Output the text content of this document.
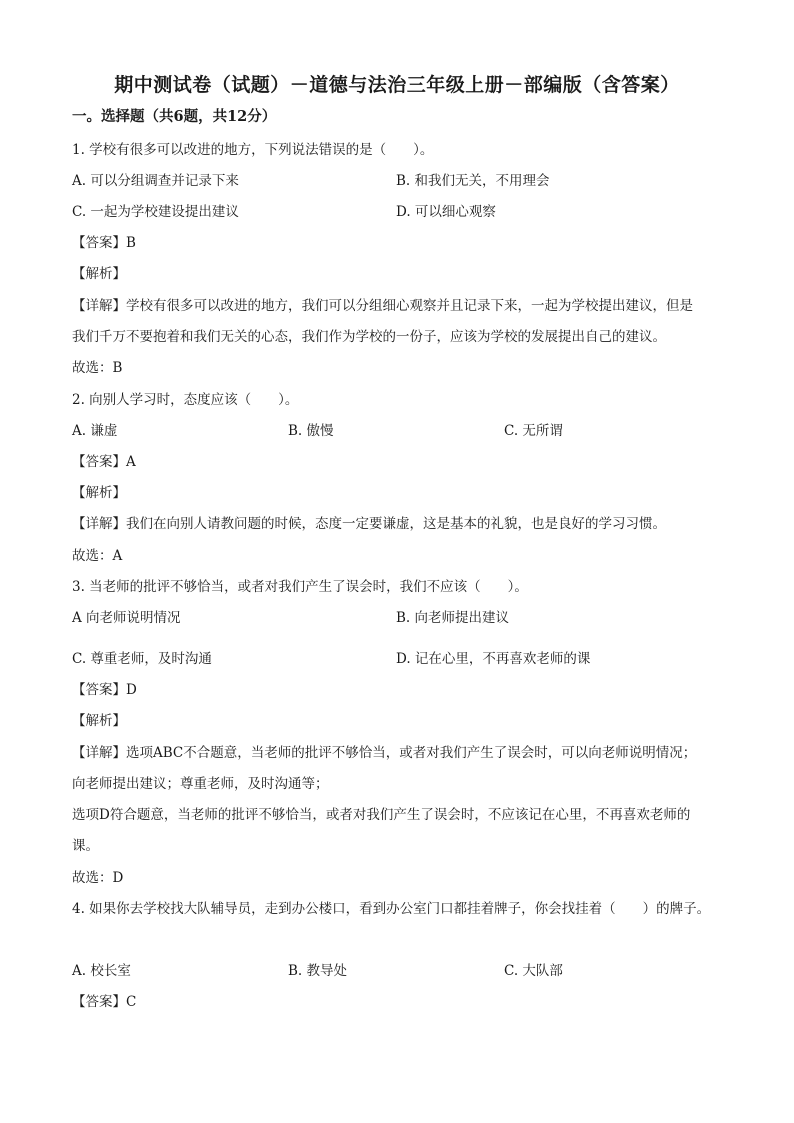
期中测试卷（试题）－道德与法治三年级上册－部编版（含答案）
一。选择题（共6题，共12分）
1. 学校有很多可以改进的地方，下列说法错误的是（　　）。
A. 可以分组调查并记录下来	B. 和我们无关，不用理会
C. 一起为学校建设提出建议	D. 可以细心观察
【答案】B
【解析】
【详解】学校有很多可以改进的地方，我们可以分组细心观察并且记录下来，一起为学校提出建议，但是
我们千万不要抱着和我们无关的心态，我们作为学校的一份子，应该为学校的发展提出自己的建议。
故选：B
2. 向别人学习时，态度应该（　　）。
A. 谦虚	B. 傲慢	C. 无所谓
【答案】A
【解析】
【详解】我们在向别人请教问题的时候，态度一定要谦虚，这是基本的礼貌，也是良好的学习习惯。
故选：A
3. 当老师的批评不够恰当，或者对我们产生了误会时，我们不应该（　　）。
A 向老师说明情况	B. 向老师提出建议
C. 尊重老师，及时沟通	D. 记在心里，不再喜欢老师的课
【答案】D
【解析】
【详解】选项ABC不合题意，当老师的批评不够恰当，或者对我们产生了误会时，可以向老师说明情况；
向老师提出建议；尊重老师，及时沟通等；
选项D符合题意，当老师的批评不够恰当，或者对我们产生了误会时，不应该记在心里，不再喜欢老师的
课。
故选：D
4. 如果你去学校找大队辅导员，走到办公楼口，看到办公室门口都挂着牌子，你会找挂着（　　）的牌子。
A. 校长室	B. 教导处	C. 大队部
【答案】C
